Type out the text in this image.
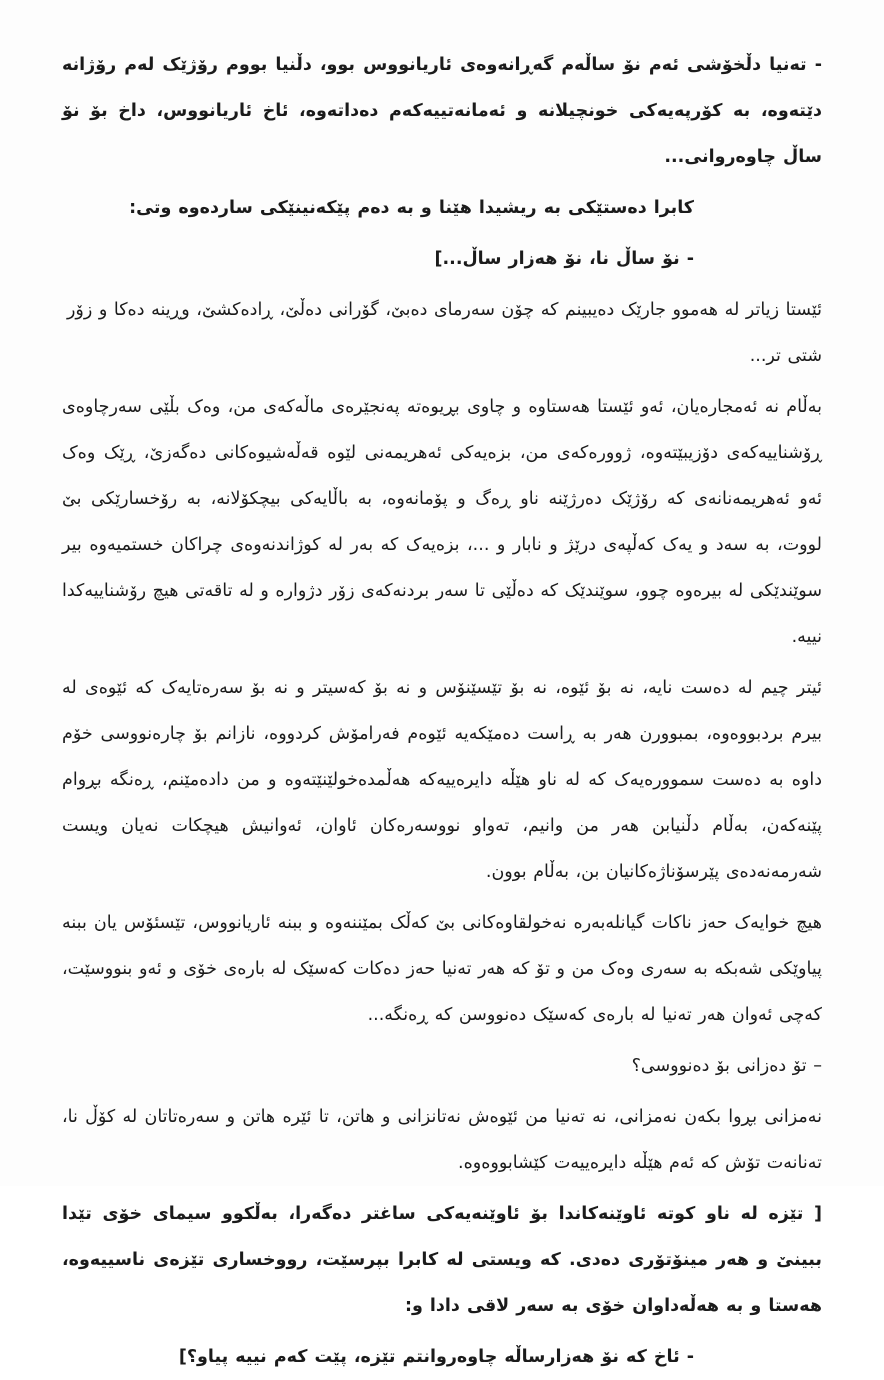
- تەنیا دڵخۆشی ئەم نۆ ساڵەم گەڕانەوەی ئاریانووس بوو، دڵنیا بووم رۆژێک لەم رۆژانە دێتەوە، بە کۆرپەیەکی خونچیلانە و ئەمانەتییەکەم دەداتەوە، ئاخ ئاریانووس، داخ بۆ نۆ ساڵ چاوەروانی...

کابرا دەستێکی بە ریشیدا هێنا و بە دەم پێکەنینێکی ساردەوە وتی:

- نۆ ساڵ نا، نۆ هەزار ساڵ...]

ئێستا زیاتر لە هەموو جارێک دەیبینم کە چۆن سەرمای دەبێ، گۆرانی دەڵێ، ڕادەکشێ، وڕینە دەکا و زۆر شتی تر...

بەڵام نە ئەمجارەیان، ئەو ئێستا هەستاوە و چاوی بڕیوەتە پەنجێرەی ماڵەکەی من، وەک بڵێی سەرچاوەی ڕۆشناییەکەی دۆزیبێتەوە، ژوورەکەی من، بزەیەکی ئەهریمەنی لێوە قەڵەشیوەکانی دەگەزێ، ڕێک وەک ئەو ئەهریمەنانەی کە رۆژێک دەرژێنە ناو ڕەگ و پۆمانەوە، بە باڵایەکی بیچکۆلانە، بە رۆخسارێکی بێ لووت، بە سەد و یەک کەڵپەی درێژ و نابار و ...، بزەیەک کە بەر لە کوژاندنەوەی چراکان خستمیەوە بیر سوێندێکی لە بیرەوە چوو، سوێندێک کە دەڵێی تا سەر بردنەکەی زۆر دژوارە و لە تاقەتی هیچ رۆشناییەکدا نییە.

ئیتر چیم لە دەست نایە، نە بۆ ئێوە، نە بۆ تێسێنۆس و نە بۆ کەسیتر و نە بۆ سەرەتایەک کە ئێوەی لە بیرم بردبووەوە، بمبوورن هەر بە ڕاست دەمێکەیە ئێوەم فەرامۆش کردووە، نازانم بۆ چارەنووسی خۆم داوە بە دەست سموورەیەک کە لە ناو هێڵە دایرەییەکە هەڵمدەخولێنێتەوە و من دادەمێنم، ڕەنگە بڕوام پێنەکەن، بەڵام دڵنیابن هەر من وانیم، تەواو نووسەرەکان ئاوان، ئەوانیش هیچکات نەیان ویست شەرمەنەدەی پێرسۆناژەکانیان بن، بەڵام بوون.

هیچ خوایەک حەز ناکات گیانلەبەرە نەخولقاوەکانی بێ کەڵک بمێننەوە و ببنە ئاریانووس، تێسئۆس یان ببنە پیاوێکی شەبکە بە سەری وەک من و تۆ کە هەر تەنیا حەز دەکات کەسێک لە بارەی خۆی و ئەو بنووسێت، کەچی ئەوان هەر تەنیا لە بارەی کەسێک دەنووسن کە ڕەنگە...

– تۆ دەزانی بۆ دەنووسی؟

نەمزانی بڕوا بکەن نەمزانی، نە تەنیا من ئێوەش نەتانزانی و هاتن، تا ئێرە هاتن و سەرەتاتان لە کۆڵ نا، تەنانەت تۆش کە ئەم هێڵە دایرەییەت کێشابووەوە.

[ تێزە لە ناو کوتە ئاوێنەکاندا بۆ ئاوێنەیەکی ساغتر دەگەرا، بەڵکوو سیمای خۆی تێدا ببینێ و هەر مینۆتۆری دەدی. کە ویستی لە کابرا بپرسێت، رووخساری تێزەی ناسییەوە، هەستا و بە هەڵەداوان خۆی بە سەر لاقی دادا و:

- ئاخ کە نۆ هەزارساڵە چاوەروانتم تێزە، پێت کەم نییە پیاو؟]
